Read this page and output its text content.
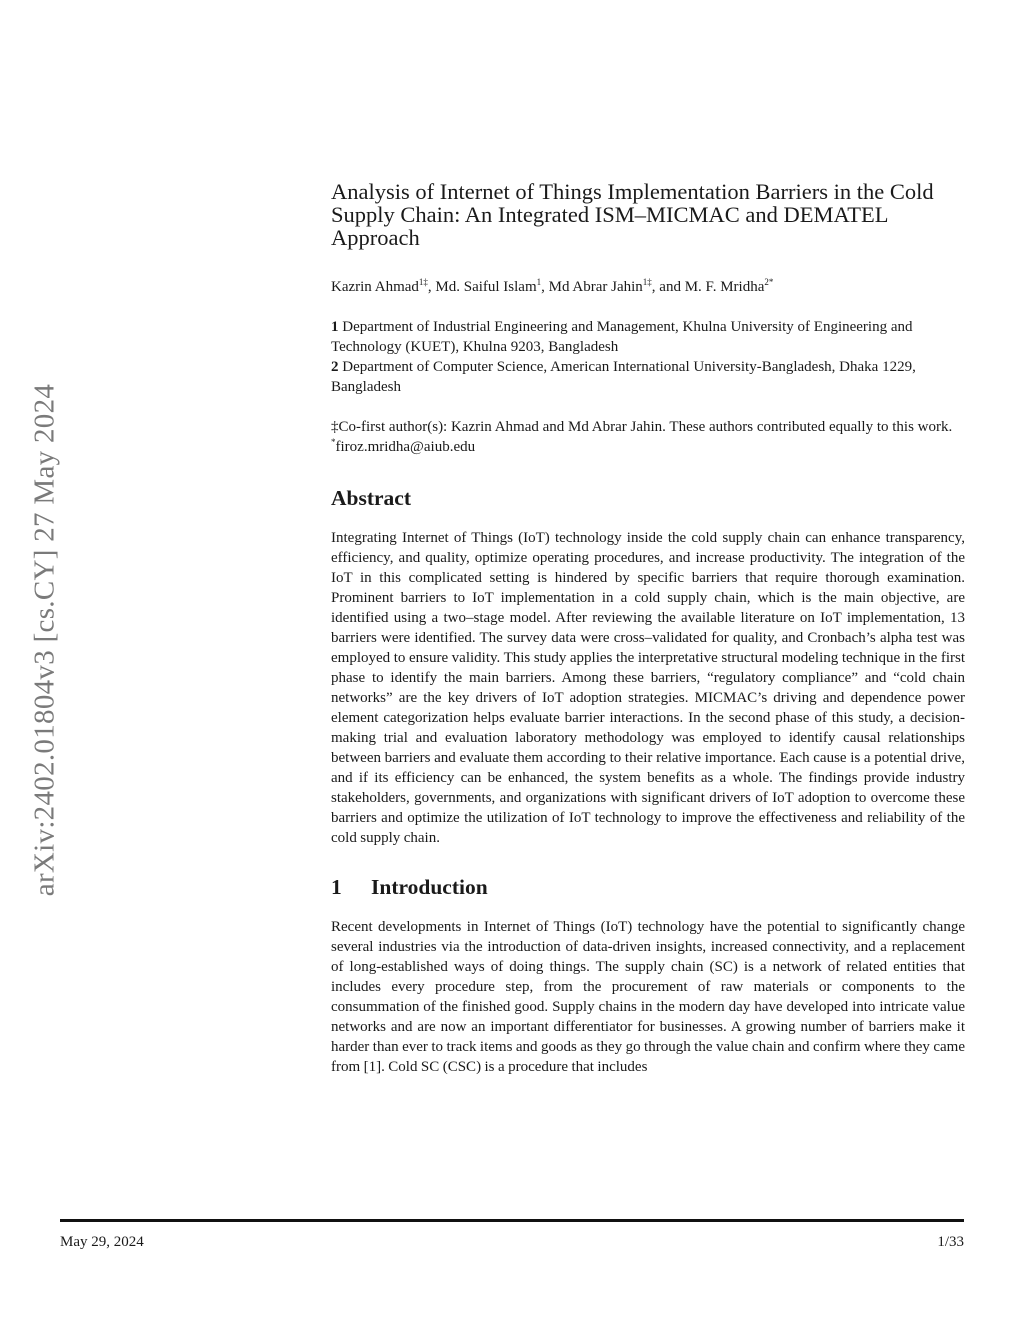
arXiv:2402.01804v3 [cs.CY] 27 May 2024
Analysis of Internet of Things Implementation Barriers in the Cold Supply Chain: An Integrated ISM–MICMAC and DEMATEL Approach
Kazrin Ahmad$^{1\ddagger}$, Md. Saiful Islam$^1$, Md Abrar Jahin$^{1\ddagger}$, and M. F. Mridha$^{2*}$
1 Department of Industrial Engineering and Management, Khulna University of Engineering and Technology (KUET), Khulna 9203, Bangladesh
2 Department of Computer Science, American International University-Bangladesh, Dhaka 1229, Bangladesh
‡Co-first author(s): Kazrin Ahmad and Md Abrar Jahin. These authors contributed equally to this work.
*firoz.mridha@aiub.edu
Abstract

Integrating Internet of Things (IoT) technology inside the cold supply chain can enhance transparency, efficiency, and quality, optimize operating procedures, and increase productivity. The integration of the IoT in this complicated setting is hindered by specific barriers that require thorough examination. Prominent barriers to IoT implementation in a cold supply chain, which is the main objective, are identified using a two–stage model. After reviewing the available literature on IoT implementation, 13 barriers were identified. The survey data were cross–validated for quality, and Cronbach’s alpha test was employed to ensure validity. This study applies the interpretative structural modeling technique in the first phase to identify the main barriers. Among these barriers, “regulatory compliance” and “cold chain networks” are the key drivers of IoT adoption strategies. MICMAC’s driving and dependence power element categorization helps evaluate barrier interactions. In the second phase of this study, a decision-making trial and evaluation laboratory methodology was employed to identify causal relationships between barriers and evaluate them according to their relative importance. Each cause is a potential drive, and if its efficiency can be enhanced, the system benefits as a whole. The findings provide industry stakeholders, governments, and organizations with significant drivers of IoT adoption to overcome these barriers and optimize the utilization of IoT technology to improve the effectiveness and reliability of the cold supply chain.

1 Introduction

Recent developments in Internet of Things (IoT) technology have the potential to significantly change several industries via the introduction of data-driven insights, increased connectivity, and a replacement of long-established ways of doing things. The supply chain (SC) is a network of related entities that includes every procedure step, from the procurement of raw materials or components to the consummation of the finished good. Supply chains in the modern day have developed into intricate value networks and are now an important differentiator for businesses. A growing number of barriers make it harder than ever to track items and goods as they go through the value chain and confirm where they came from [1]. Cold SC (CSC) is a procedure that includes

May 29, 2024	1/33
